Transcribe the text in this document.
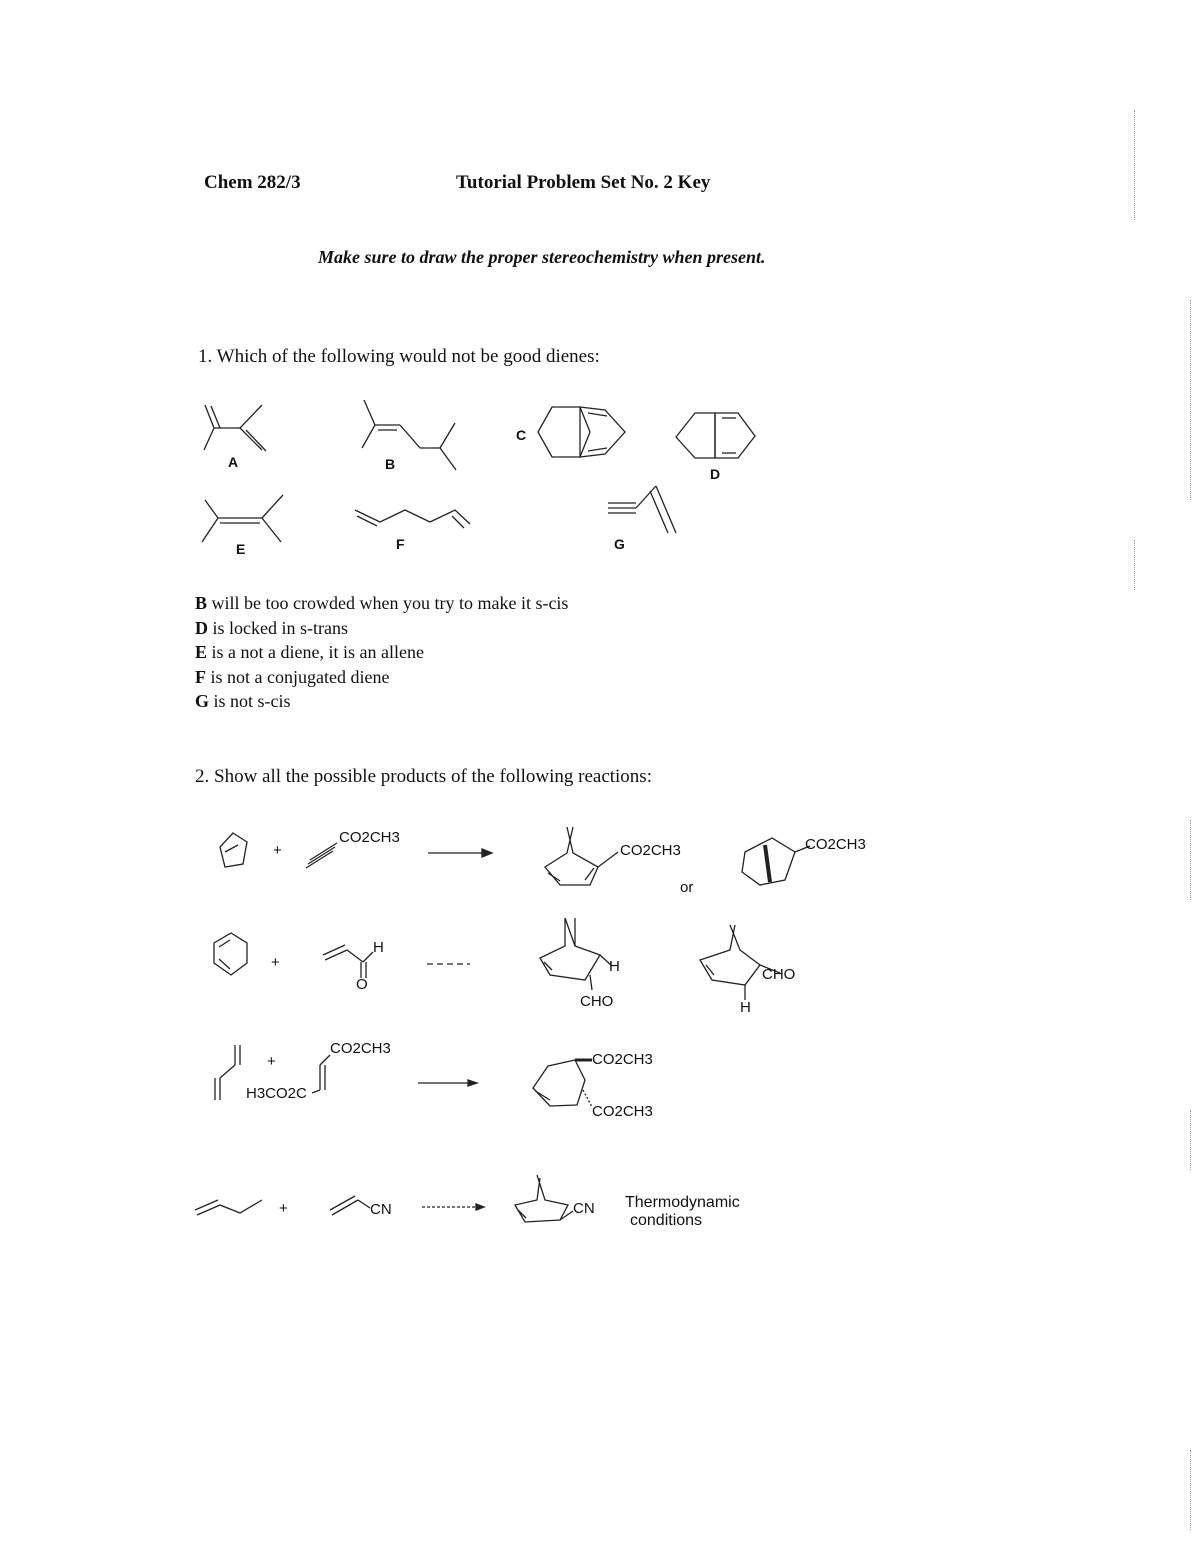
Chem 282/3	Tutorial Problem Set No. 2 Key
Make sure to draw the proper stereochemistry when present.
1. Which of the following would not be good dienes:
A	B
C
D
E	F	G
B will be too crowded when you try to make it s-cis
D is locked in s-trans
E is a not a diene, it is an allene
F is not a conjugated diene
G is not s-cis
2. Show all the possible products of the following reactions:
+
CO2CH3
CO2CH3	CO2CH3
or
+
H
O
H
CHO
CHO
H
+
CO2CH3
H3CO2C
CO2CH3
CO2CH3
+	CN	CN Thermodynamic
conditions
